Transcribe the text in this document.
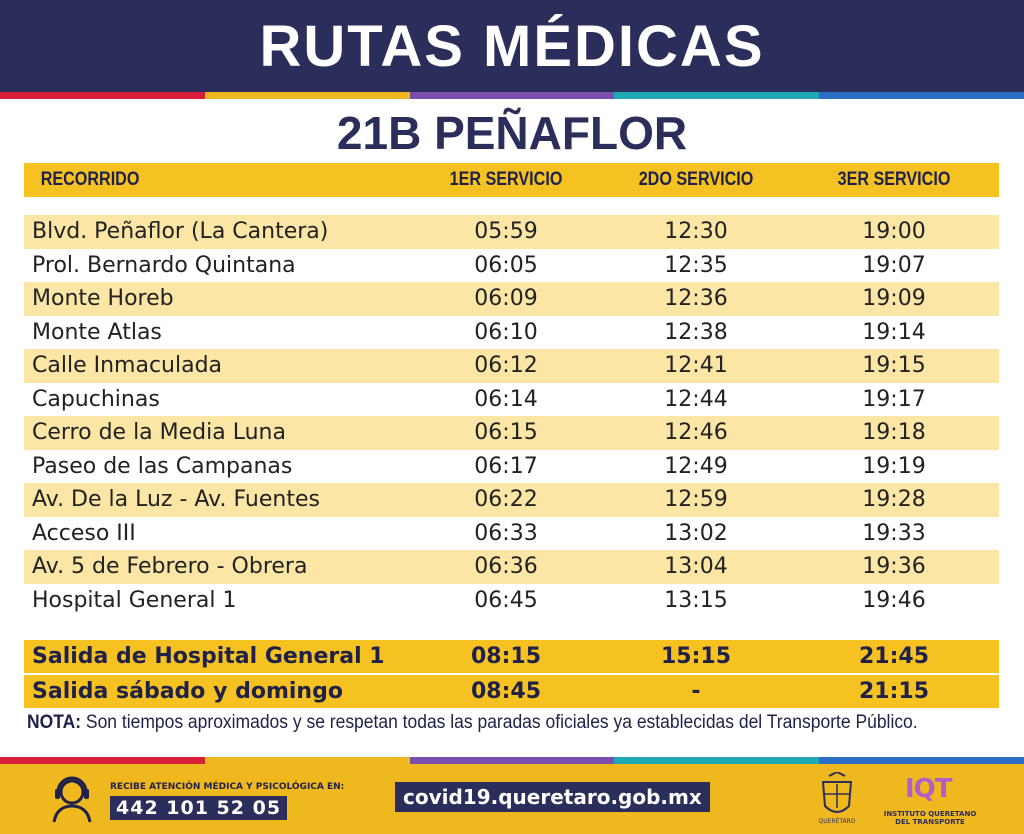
RUTAS MÉDICAS
21B PEÑAFLOR
RECORRIDO	1ER SERVICIO	2DO SERVICIO	3ER SERVICIO
Blvd. Peñaflor (La Cantera)	05:59	12:30	19:00
Prol. Bernardo Quintana	06:05	12:35	19:07
Monte Horeb	06:09	12:36	19:09
Monte Atlas	06:10	12:38	19:14
Calle Inmaculada	06:12	12:41	19:15
Capuchinas	06:14	12:44	19:17
Cerro de la Media Luna	06:15	12:46	19:18
Paseo de las Campanas	06:17	12:49	19:19
Av. De la Luz - Av. Fuentes	06:22	12:59	19:28
Acceso III	06:33	13:02	19:33
Av. 5 de Febrero - Obrera	06:36	13:04	19:36
Hospital General 1	06:45	13:15	19:46
Salida de Hospital General 1	08:15	15:15	21:45
Salida sábado y domingo	08:45	-	21:15
NOTA: Son tiempos aproximados y se respetan todas las paradas oficiales ya establecidas del Transporte Público.
RECIBE ATENCIÓN MÉDICA Y PSICOLÓGICA EN:
442 101 52 05	covid19.queretaro.gob.mx
QUERÉTARO
IQT
INSTITUTO QUERETANO DEL TRANSPORTE
